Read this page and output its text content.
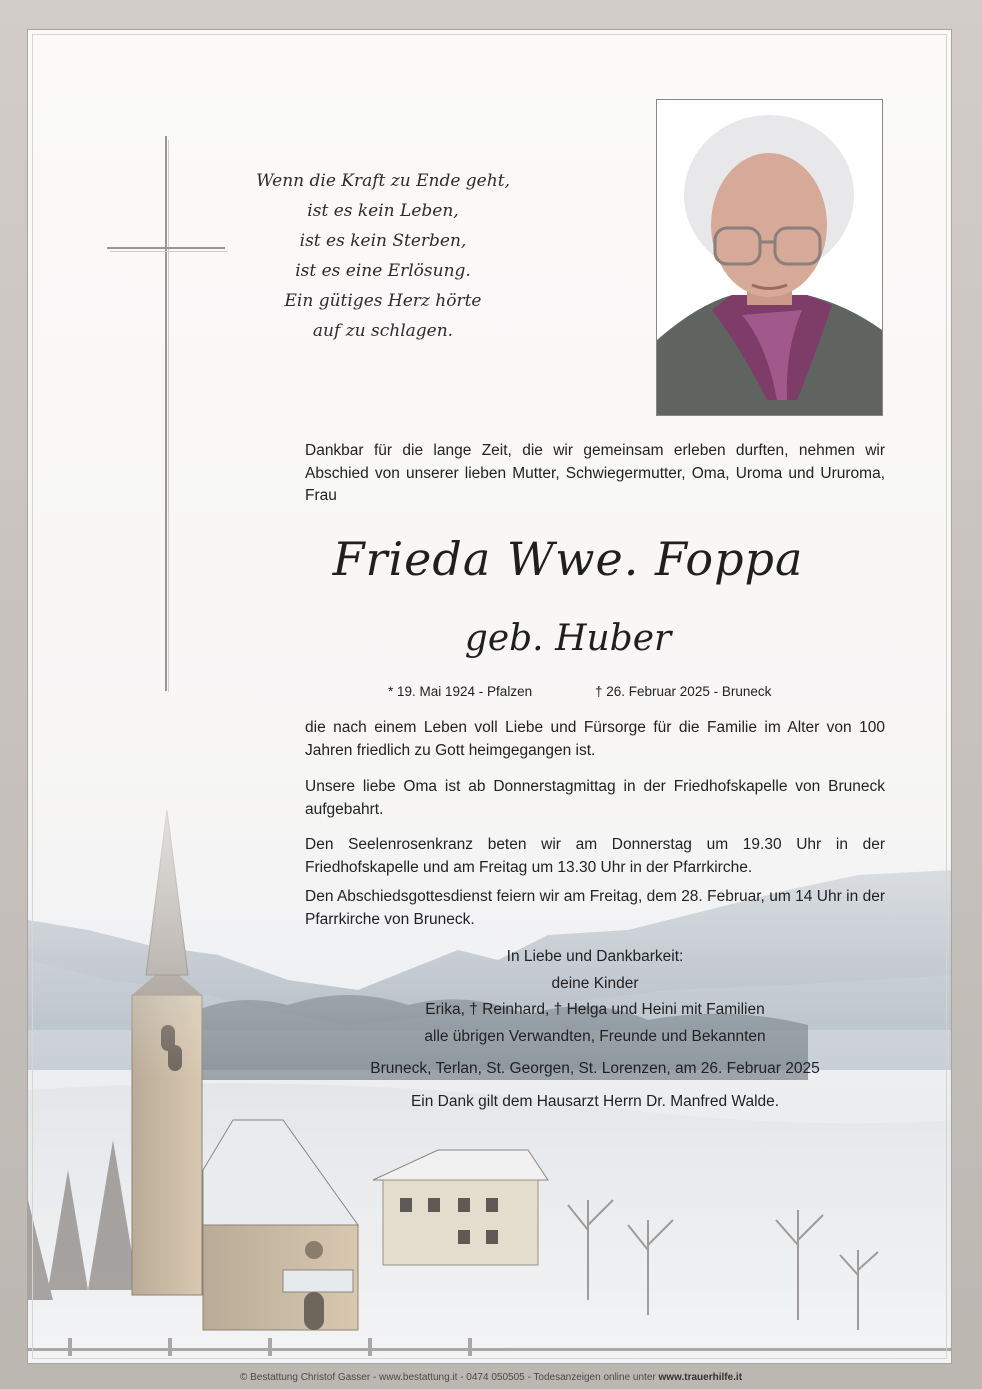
Wenn die Kraft zu Ende geht,
ist es kein Leben,
ist es kein Sterben,
ist es eine Erlösung.
Ein gütiges Herz hörte
auf zu schlagen.

Dankbar für die lange Zeit, die wir gemeinsam erleben durften, nehmen wir Abschied von unserer lieben Mutter, Schwiegermutter, Oma, Uroma und Ururoma, Frau

Frieda Wwe. Foppa

geb. Huber

* 19. Mai 1924 - Pfalzen	† 26. Februar 2025 - Bruneck

die nach einem Leben voll Liebe und Fürsorge für die Familie im Alter von 100 Jahren friedlich zu Gott heimgegangen ist.

Unsere liebe Oma ist ab Donnerstagmittag in der Friedhofskapelle von Bruneck aufgebahrt.

Den Seelenrosenkranz beten wir am Donnerstag um 19.30 Uhr in der Friedhofskapelle und am Freitag um 13.30 Uhr in der Pfarrkirche.

Den Abschiedsgottesdienst feiern wir am Freitag, dem 28. Februar, um 14 Uhr in der Pfarrkirche von Bruneck.

In Liebe und Dankbarkeit:
deine Kinder
Erika, † Reinhard, † Helga und Heini mit Familien
alle übrigen Verwandten, Freunde und Bekannten
Bruneck, Terlan, St. Georgen, St. Lorenzen, am 26. Februar 2025
Ein Dank gilt dem Hausarzt Herrn Dr. Manfred Walde.

© Bestattung Christof Gasser - www.bestattung.it - 0474 050505 - Todesanzeigen online unter www.trauerhilfe.it
